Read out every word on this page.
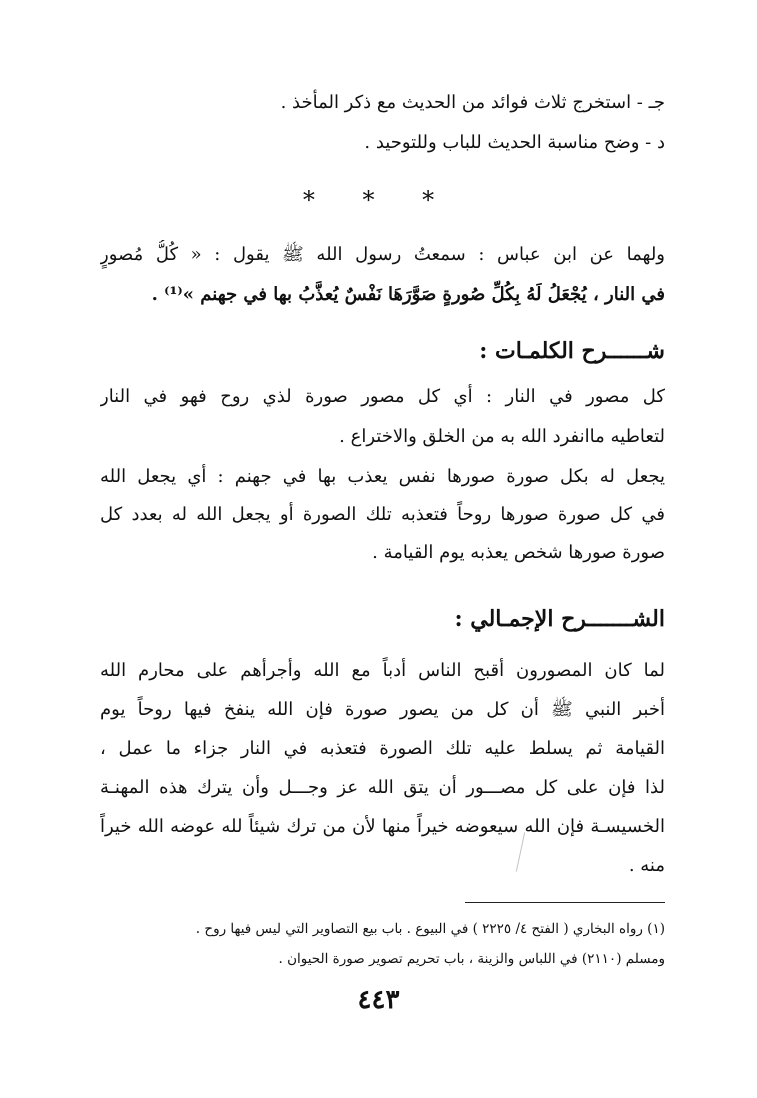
جـ - استخرج ثلاث فوائد من الحديث مع ذكر المأخذ .
د - وضح مناسبة الحديث للباب وللتوحيد .
* * *
ولهما عن ابن عباس : سمعتُ رسول الله ﷺ يقول : « كُلُّ مُصورٍ
في النار ، يُجْعَلُ لَهُ بِكُلِّ صُورةٍ صَوَّرَهَا نَفْسٌ يُعذَّبُ بها في جهنم »⁽¹⁾ .
شــــــرح الكلمـات :
كل مصور في النار : أي كل مصور صورة لذي روح فهو في النار
لتعاطيه ماانفرد الله به من الخلق والاختراع .
يجعل له بكل صورة صورها نفس يعذب بها في جهنم : أي يجعل الله
في كل صورة صورها روحاً فتعذبه تلك الصورة أو يجعل الله له بعدد كل
صورة صورها شخص يعذبه يوم القيامة .
الشـــــــرح الإجمـالي :
لما كان المصورون أقبح الناس أدباً مع الله وأجرأهم على محارم الله
أخبر النبي ﷺ أن كل من يصور صورة فإن الله ينفخ فيها روحاً يوم
القيامة ثم يسلط عليه تلك الصورة فتعذبه في النار جزاء ما عمل ،
لذا فإن على كل مصـــور أن يتق الله عز وجـــل وأن يترك هذه المهنـة
الخسيسـة فإن الله سيعوضه خيراً منها لأن من ترك شيئاً لله عوضه الله خيراً
منه .
(١) رواه البخاري ( الفتح ٤/ ٢٢٢٥ ) في البيوع . باب بيع التصاوير التي ليس فيها روح .
ومسلم (٢١١٠) في اللباس والزينة ، باب تحريم تصوير صورة الحيوان .
٤٤٣
